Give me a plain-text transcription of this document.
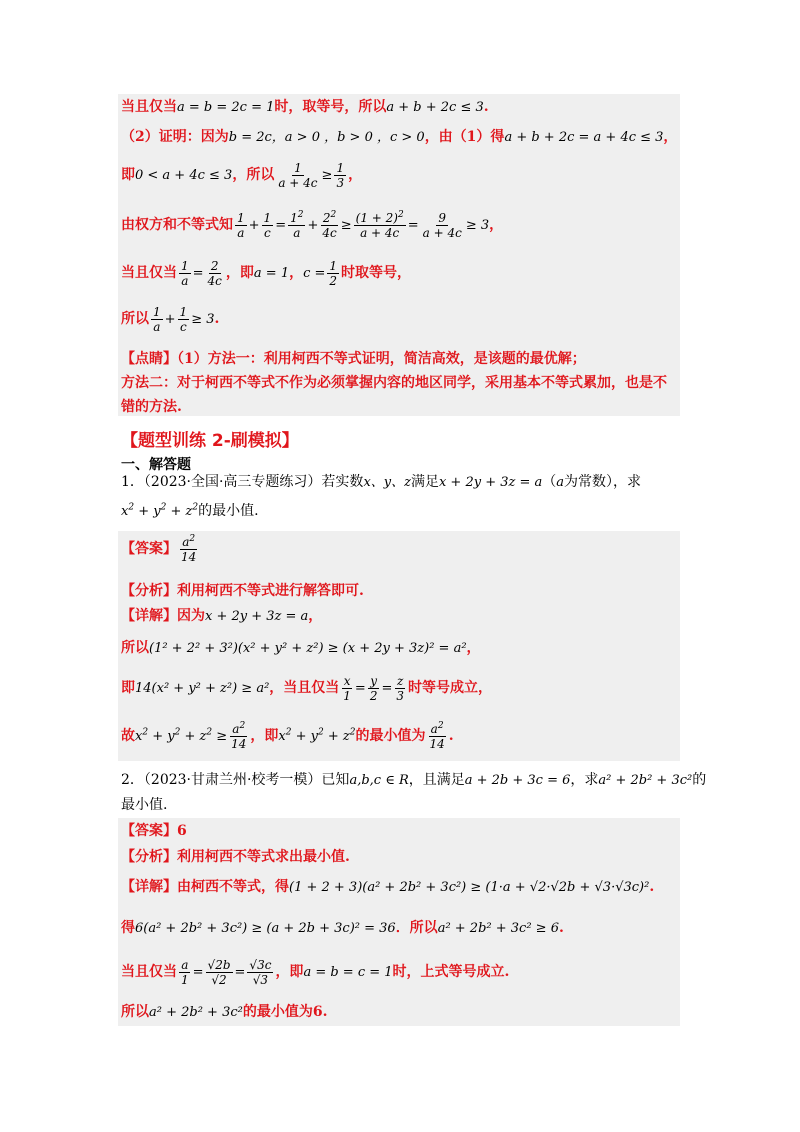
当且仅当a = b = 2c = 1时，取等号，所以a + b + 2c ≤ 3.
（2）证明：因为b = 2c，a > 0 ，b > 0 ，c > 0，由（1）得a + b + 2c = a + 4c ≤ 3，
即0 < a + 4c ≤ 3，所以 $\frac{1}{a + 4c} \ge \frac{1}{3}$ ，
由权方和不等式知 $\frac{1}{a} + \frac{1}{c} = \frac{1^2}{a} + \frac{2^2}{4c} \ge \frac{(1 + 2)^2}{a + 4c} = \frac{9}{a + 4c} \ge 3$，
当且仅当 $\frac{1}{a} = \frac{2}{4c}$ ，即a = 1，$c = \frac{1}{2}$ 时取等号，
所以 $\frac{1}{a} + \frac{1}{c} \ge 3$.
【点睛】（1）方法一：利用柯西不等式证明，简洁高效，是该题的最优解；
方法二：对于柯西不等式不作为必须掌握内容的地区同学，采用基本不等式累加，也是不
错的方法.
【题型训练 2-刷模拟】
一、解答题
1．（2023·全国·高三专题练习）若实数x、y、z满足x + 2y + 3z = a（a为常数），求
$x^2 + y^2 + z^2$的最小值.
【答案】 $\frac{a^2}{14}$
【分析】利用柯西不等式进行解答即可.
【详解】因为x + 2y + 3z = a，
所以(1² + 2² + 3²)(x² + y² + z²) ≥ (x + 2y + 3z)² = a²，
即14(x² + y² + z²) ≥ a²，当且仅当 $\frac{x}{1} = \frac{y}{2} = \frac{z}{3}$ 时等号成立，
故$x^2 + y^2 + z^2 \ge \frac{a^2}{14}$ ，即$x^2 + y^2 + z^2$的最小值为 $\frac{a^2}{14}$ .
2．（2023·甘肃兰州·校考一模）已知a,b,c ∈ R，且满足a + 2b + 3c = 6，求a² + 2b² + 3c²的
最小值.
【答案】6
【分析】利用柯西不等式求出最小值.
【详解】由柯西不等式，得(1 + 2 + 3)(a² + 2b² + 3c²) ≥ (1·a + √2·√2b + √3·√3c)².
得6(a² + 2b² + 3c²) ≥ (a + 2b + 3c)² = 36．所以a² + 2b² + 3c² ≥ 6.
当且仅当 $\frac{a}{1} = \frac{√2b}{√2} = \frac{√3c}{√3}$ ，即a = b = c = 1时，上式等号成立.
所以a² + 2b² + 3c²的最小值为6.
